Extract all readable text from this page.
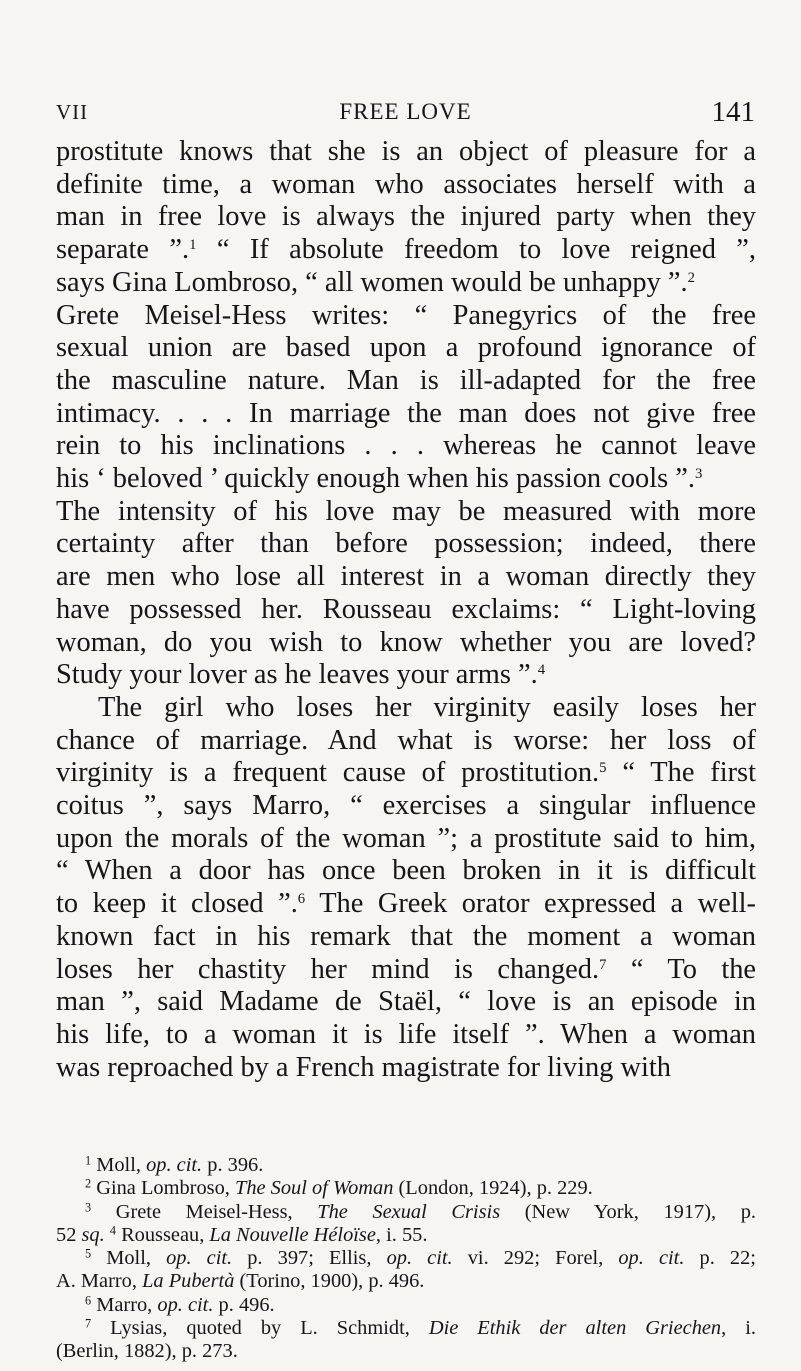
VII	FREE LOVE	141
prostitute knows that she is an object of pleasure for a
definite time, a woman who associates herself with a
man in free love is always the injured party when they
separate ”.$^1$ “ If absolute freedom to love reigned ”,
says Gina Lombroso, “ all women would be unhappy ”.$^2$
Grete Meisel-Hess writes: “ Panegyrics of the free
sexual union are based upon a profound ignorance of
the masculine nature. Man is ill-adapted for the free
intimacy. . . . In marriage the man does not give free
rein to his inclinations . . . whereas he cannot leave
his ‘ beloved ’ quickly enough when his passion cools ”.$^3$
The intensity of his love may be measured with more
certainty after than before possession; indeed, there
are men who lose all interest in a woman directly they
have possessed her. Rousseau exclaims: “ Light-loving
woman, do you wish to know whether you are loved?
Study your lover as he leaves your arms ”.$^4$
The girl who loses her virginity easily loses her
chance of marriage. And what is worse: her loss of
virginity is a frequent cause of prostitution.$^5$ “ The first
coitus ”, says Marro, “ exercises a singular influence
upon the morals of the woman ”; a prostitute said to him,
“ When a door has once been broken in it is difficult
to keep it closed ”.$^6$ The Greek orator expressed a well-
known fact in his remark that the moment a woman
loses her chastity her mind is changed.$^7$ “ To the
man ”, said Madame de Staël, “ love is an episode in
his life, to a woman it is life itself ”. When a woman
was reproached by a French magistrate for living with
$^1$ Moll, op. cit. p. 396.
$^2$ Gina Lombroso, The Soul of Woman (London, 1924), p. 229.
$^3$ Grete Meisel-Hess, The Sexual Crisis (New York, 1917), p.
52 sq. $^4$ Rousseau, La Nouvelle Héloïse, i. 55.
$^5$ Moll, op. cit. p. 397; Ellis, op. cit. vi. 292; Forel, op. cit. p. 22;
A. Marro, La Pubertà (Torino, 1900), p. 496.
$^6$ Marro, op. cit. p. 496.
$^7$ Lysias, quoted by L. Schmidt, Die Ethik der alten Griechen, i.
(Berlin, 1882), p. 273.
